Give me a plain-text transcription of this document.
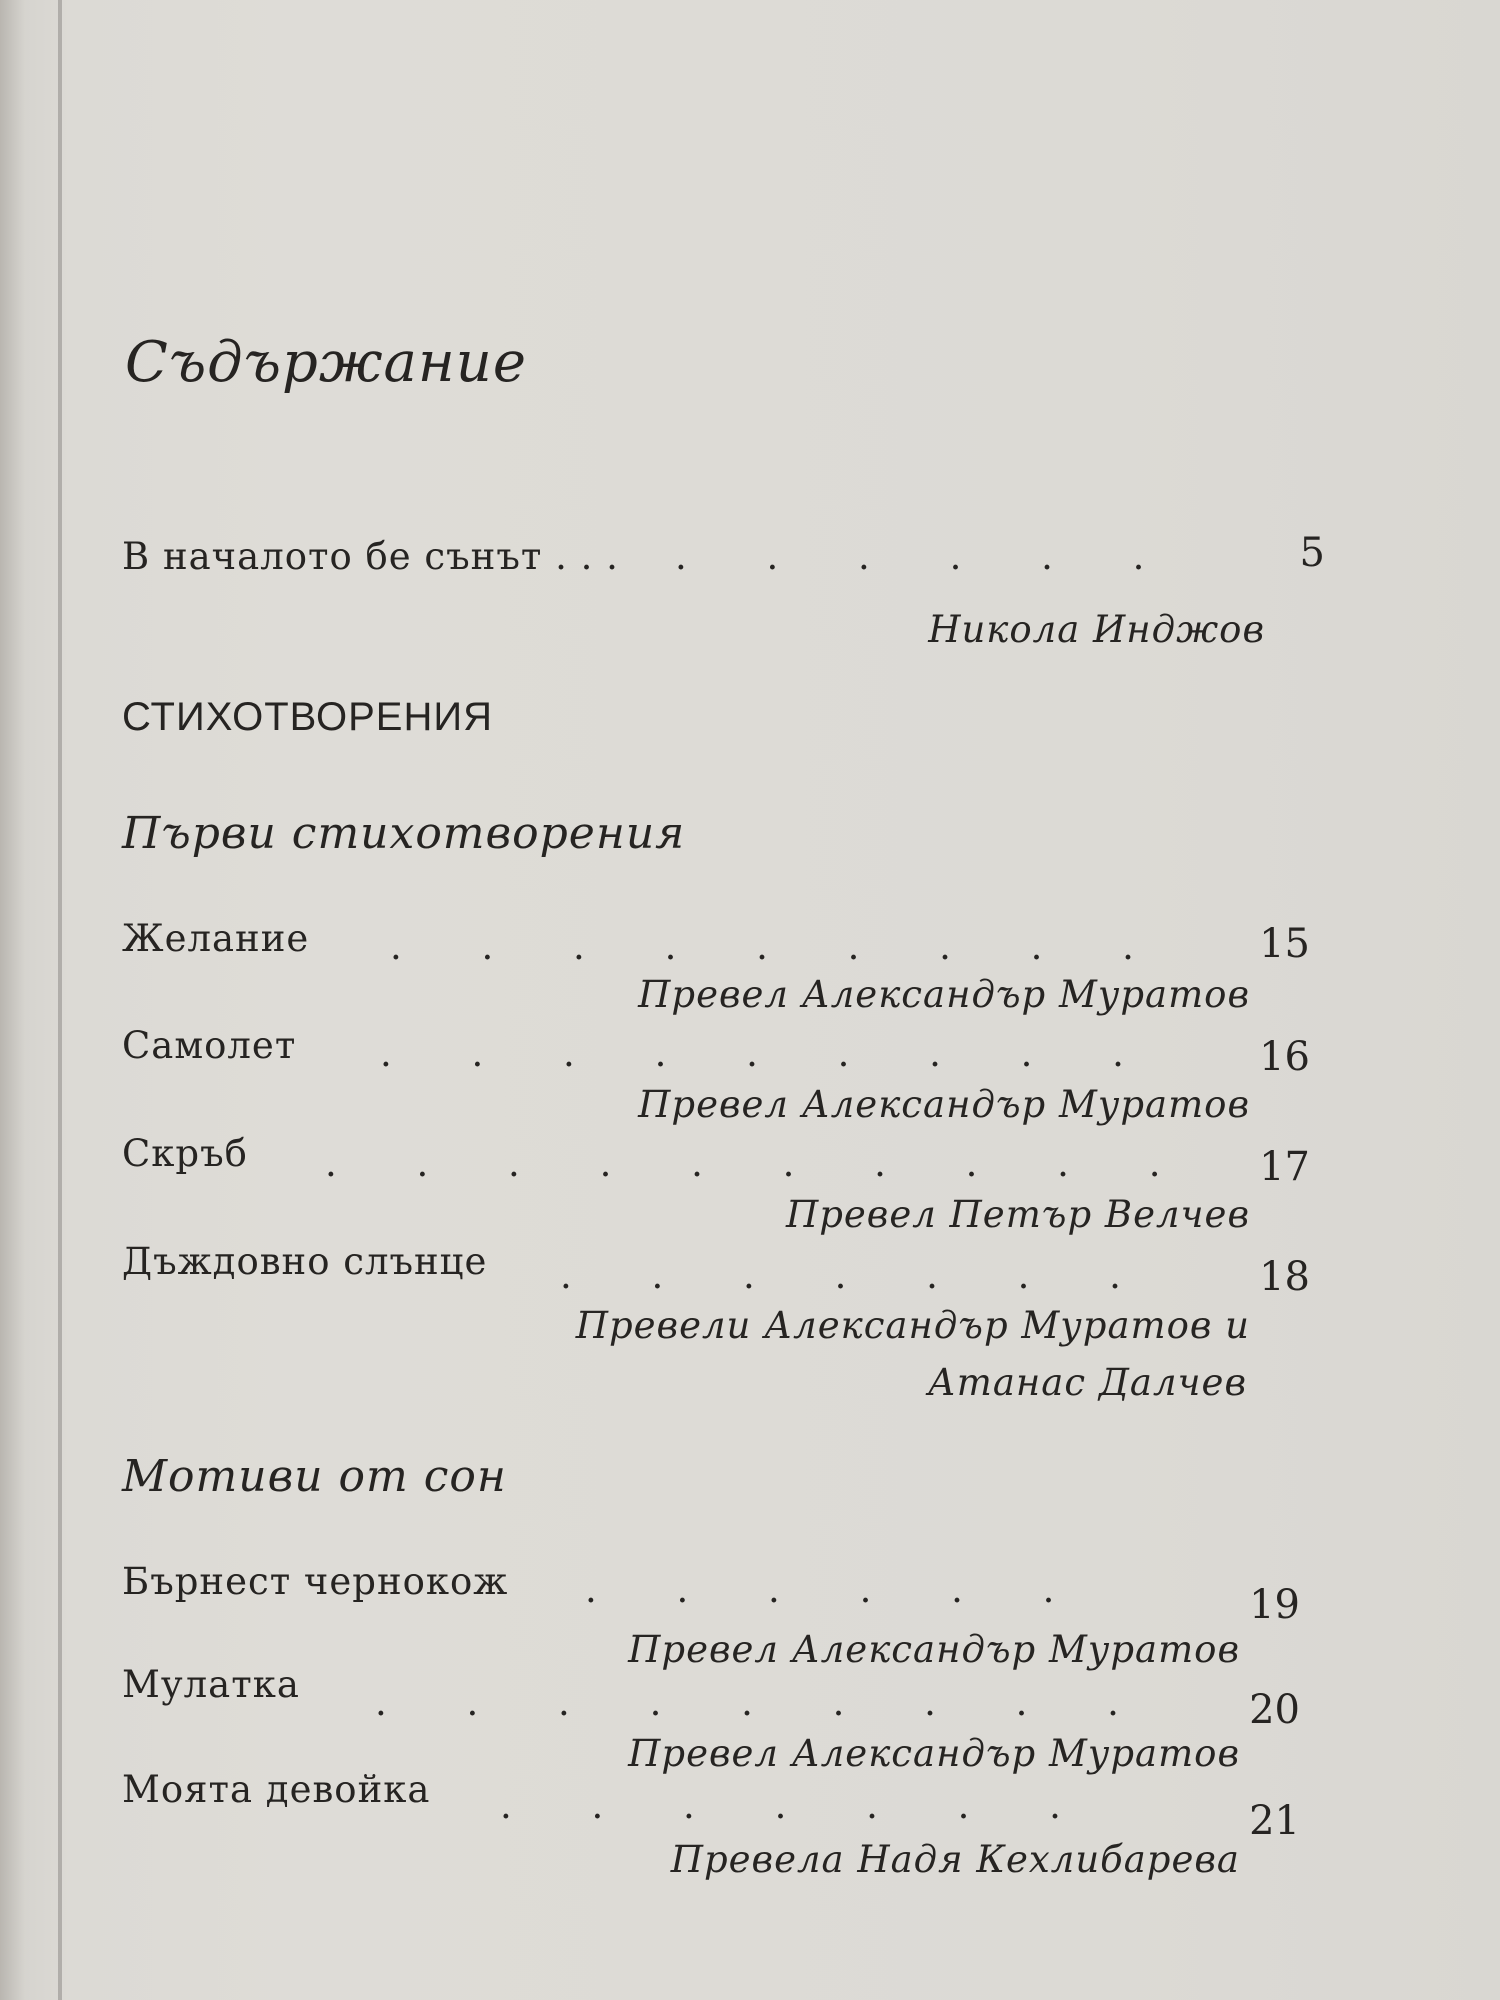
Съдържание
В началото бе сънът . . . . . . . . .	5
Никола Инджов
СТИХОТВОРЕНИЯ
Първи стихотворения
Желание . . . . . . . . .	15
Превел Александър Муратов
Самолет . . . . . . . . .	16
Превел Александър Муратов
Скръб . . . . . . . . . .	17
Превел Петър Велчев
Дъждовно слънце . . . . . . .	18
Превели Александър Муратов и
Атанас Далчев
Мотиви от сон
Бърнест чернокож . . . . . .	19
Превел Александър Муратов
Мулатка . . . . . . . . .	20
Превел Александър Муратов
Моята девойка . . . . . . .	21
Превела Надя Кехлибарева
